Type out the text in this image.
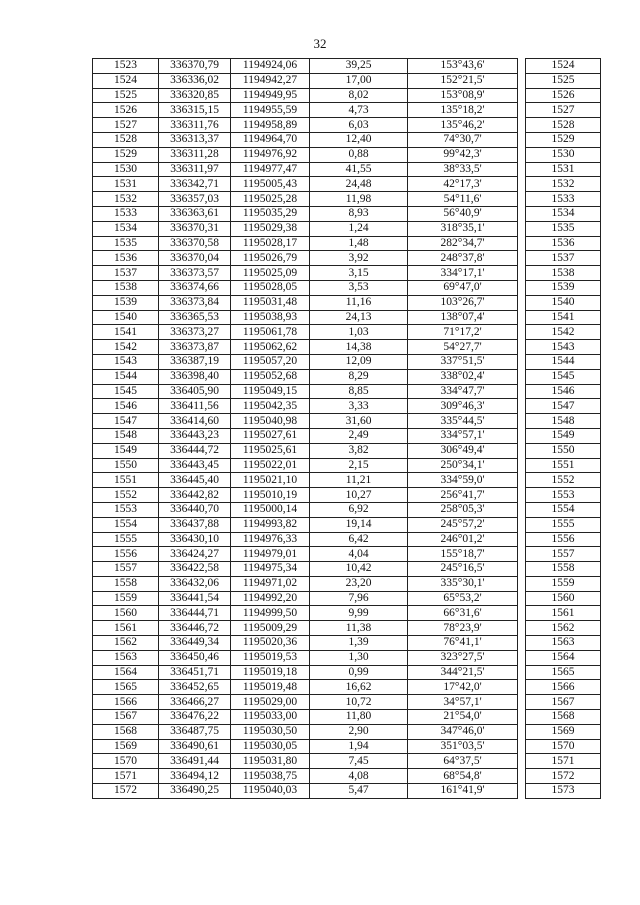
32
1523	336370,79	1194924,06	39,25	153°43,6'		1524
1524	336336,02	1194942,27	17,00	152°21,5'		1525
1525	336320,85	1194949,95	8,02	153°08,9'		1526
1526	336315,15	1194955,59	4,73	135°18,2'		1527
1527	336311,76	1194958,89	6,03	135°46,2'		1528
1528	336313,37	1194964,70	12,40	74°30,7'		1529
1529	336311,28	1194976,92	0,88	99°42,3'		1530
1530	336311,97	1194977,47	41,55	38°33,5'		1531
1531	336342,71	1195005,43	24,48	42°17,3'		1532
1532	336357,03	1195025,28	11,98	54°11,6'		1533
1533	336363,61	1195035,29	8,93	56°40,9'		1534
1534	336370,31	1195029,38	1,24	318°35,1'		1535
1535	336370,58	1195028,17	1,48	282°34,7'		1536
1536	336370,04	1195026,79	3,92	248°37,8'		1537
1537	336373,57	1195025,09	3,15	334°17,1'		1538
1538	336374,66	1195028,05	3,53	69°47,0'		1539
1539	336373,84	1195031,48	11,16	103°26,7'		1540
1540	336365,53	1195038,93	24,13	138°07,4'		1541
1541	336373,27	1195061,78	1,03	71°17,2'		1542
1542	336373,87	1195062,62	14,38	54°27,7'		1543
1543	336387,19	1195057,20	12,09	337°51,5'		1544
1544	336398,40	1195052,68	8,29	338°02,4'		1545
1545	336405,90	1195049,15	8,85	334°47,7'		1546
1546	336411,56	1195042,35	3,33	309°46,3'		1547
1547	336414,60	1195040,98	31,60	335°44,5'		1548
1548	336443,23	1195027,61	2,49	334°57,1'		1549
1549	336444,72	1195025,61	3,82	306°49,4'		1550
1550	336443,45	1195022,01	2,15	250°34,1'		1551
1551	336445,40	1195021,10	11,21	334°59,0'		1552
1552	336442,82	1195010,19	10,27	256°41,7'		1553
1553	336440,70	1195000,14	6,92	258°05,3'		1554
1554	336437,88	1194993,82	19,14	245°57,2'		1555
1555	336430,10	1194976,33	6,42	246°01,2'		1556
1556	336424,27	1194979,01	4,04	155°18,7'		1557
1557	336422,58	1194975,34	10,42	245°16,5'		1558
1558	336432,06	1194971,02	23,20	335°30,1'		1559
1559	336441,54	1194992,20	7,96	65°53,2'		1560
1560	336444,71	1194999,50	9,99	66°31,6'		1561
1561	336446,72	1195009,29	11,38	78°23,9'		1562
1562	336449,34	1195020,36	1,39	76°41,1'		1563
1563	336450,46	1195019,53	1,30	323°27,5'		1564
1564	336451,71	1195019,18	0,99	344°21,5'		1565
1565	336452,65	1195019,48	16,62	17°42,0'		1566
1566	336466,27	1195029,00	10,72	34°57,1'		1567
1567	336476,22	1195033,00	11,80	21°54,0'		1568
1568	336487,75	1195030,50	2,90	347°46,0'		1569
1569	336490,61	1195030,05	1,94	351°03,5'		1570
1570	336491,44	1195031,80	7,45	64°37,5'		1571
1571	336494,12	1195038,75	4,08	68°54,8'		1572
1572	336490,25	1195040,03	5,47	161°41,9'		1573
